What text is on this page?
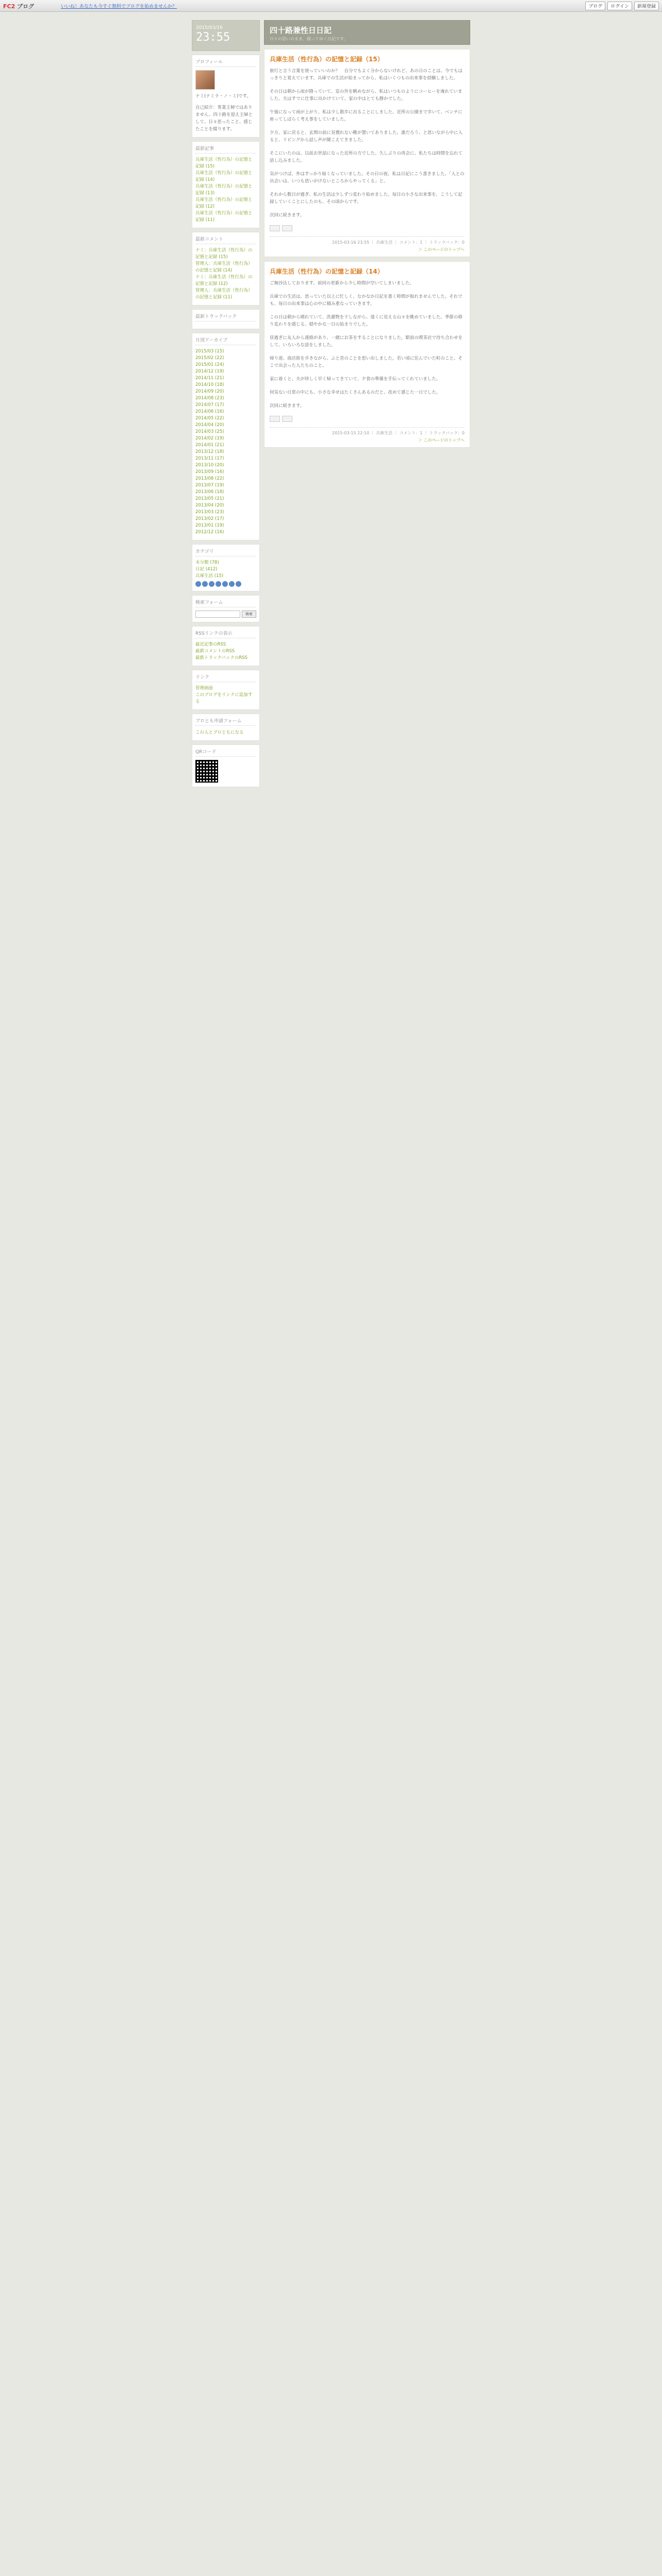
FC2 ブログ	いいね！あなたも今すぐ無料でブログを始めませんか？	ブログ	ログイン	新規登録
2015/03/16
23:55
プロフィール
ナミ(ナミラ・ノ・ミ)です。
自己紹介：専業主婦ではありません。四十路を迎え主婦として、日々思ったこと、感じたことを綴ります。
最新記事
兵庫生活（性行為）の記憶と記録 (15)
兵庫生活（性行為）の記憶と記録 (14)
兵庫生活（性行為）の記憶と記録 (13)
兵庫生活（性行為）の記憶と記録 (12)
兵庫生活（性行為）の記憶と記録 (11)
最新コメント
ナミ：兵庫生活（性行為）の記憶と記録 (15)
管理人：兵庫生活（性行為）の記憶と記録 (14)
ナミ：兵庫生活（性行為）の記憶と記録 (12)
管理人：兵庫生活（性行為）の記憶と記録 (11)
最新トラックバック
月別アーカイブ
2015/03 (15)
2015/02 (22)
2015/01 (24)
2014/12 (19)
2014/11 (21)
2014/10 (18)
2014/09 (20)
2014/08 (23)
2014/07 (17)
2014/06 (16)
2014/05 (22)
2014/04 (20)
2014/03 (25)
2014/02 (19)
2014/01 (21)
2013/12 (18)
2013/11 (17)
2013/10 (20)
2013/09 (16)
2013/08 (22)
2013/07 (19)
2013/06 (18)
2013/05 (21)
2013/04 (20)
2013/03 (23)
2013/02 (17)
2013/01 (19)
2012/12 (16)
カテゴリ
未分類 (78)
日記 (412)
兵庫生活 (15)
検索フォーム
検索
RSSリンクの表示
最近記事のRSS
最新コメントのRSS
最新トラックバックのRSS
リンク
管理画面
このブログをリンクに追加する
ブロとも申請フォーム
この人とブロともになる
QRコード
四十路兼性日日記
日々の思いのまま、綴ってゆく日記です。
兵庫生活（性行為）の記憶と記録（15）

旅行と言う言葉を使っていいのか？　自分でもよく分からないけれど、あの日のことは、今でもはっきりと覚えています。兵庫での生活が始まってから、私はいくつもの出来事を経験しました。

その日は朝から雨が降っていて、窓の外を眺めながら、私はいつものようにコーヒーを淹れていました。夫はすでに仕事に出かけていて、家の中はとても静かでした。

午後になって雨が上がり、私は少し散歩に出ることにしました。近所の公園まで歩いて、ベンチに座ってしばらく考え事をしていました。

夕方、家に戻ると、玄関の前に見慣れない靴が置いてありました。誰だろう、と思いながら中に入ると、リビングから話し声が聞こえてきました。

そこにいたのは、以前お世話になった近所の方でした。久しぶりの再会に、私たちは時間を忘れて話し込みました。

気がつけば、外はすっかり暗くなっていました。その日の夜、私は日記にこう書きました。「人との出会いは、いつも思いがけないところからやってくる」と。

それから数日が過ぎ、私の生活は少しずつ変わり始めました。毎日の小さな出来事を、こうして記録していくことにしたのも、その頃からです。

次回に続きます。

2015-03-16 23:55 ｜ 兵庫生活 ｜ コメント：1 ｜ トラックバック：0
＞ このページのトップへ
兵庫生活（性行為）の記憶と記録（14）

ご無沙汰しております。前回の更新から少し時間が空いてしまいました。

兵庫での生活は、思っていた以上に忙しく、なかなか日記を書く時間が取れませんでした。それでも、毎日の出来事は心の中に積み重なっていきます。

この日は朝から晴れていて、洗濯物を干しながら、遠くに見える山々を眺めていました。季節の移り変わりを感じる、穏やかな一日の始まりでした。

昼過ぎに友人から連絡があり、一緒にお茶をすることになりました。駅前の喫茶店で待ち合わせをして、いろいろな話をしました。

帰り道、商店街を歩きながら、ふと昔のことを思い出しました。若い頃に住んでいた町のこと、そこで出会った人たちのこと。

家に着くと、夫が珍しく早く帰ってきていて、夕食の準備を手伝ってくれていました。

何気ない日常の中にも、小さな幸せはたくさんあるのだと、改めて感じた一日でした。

次回に続きます。

2015-03-15 22:10 ｜ 兵庫生活 ｜ コメント：1 ｜ トラックバック：0
＞ このページのトップへ
